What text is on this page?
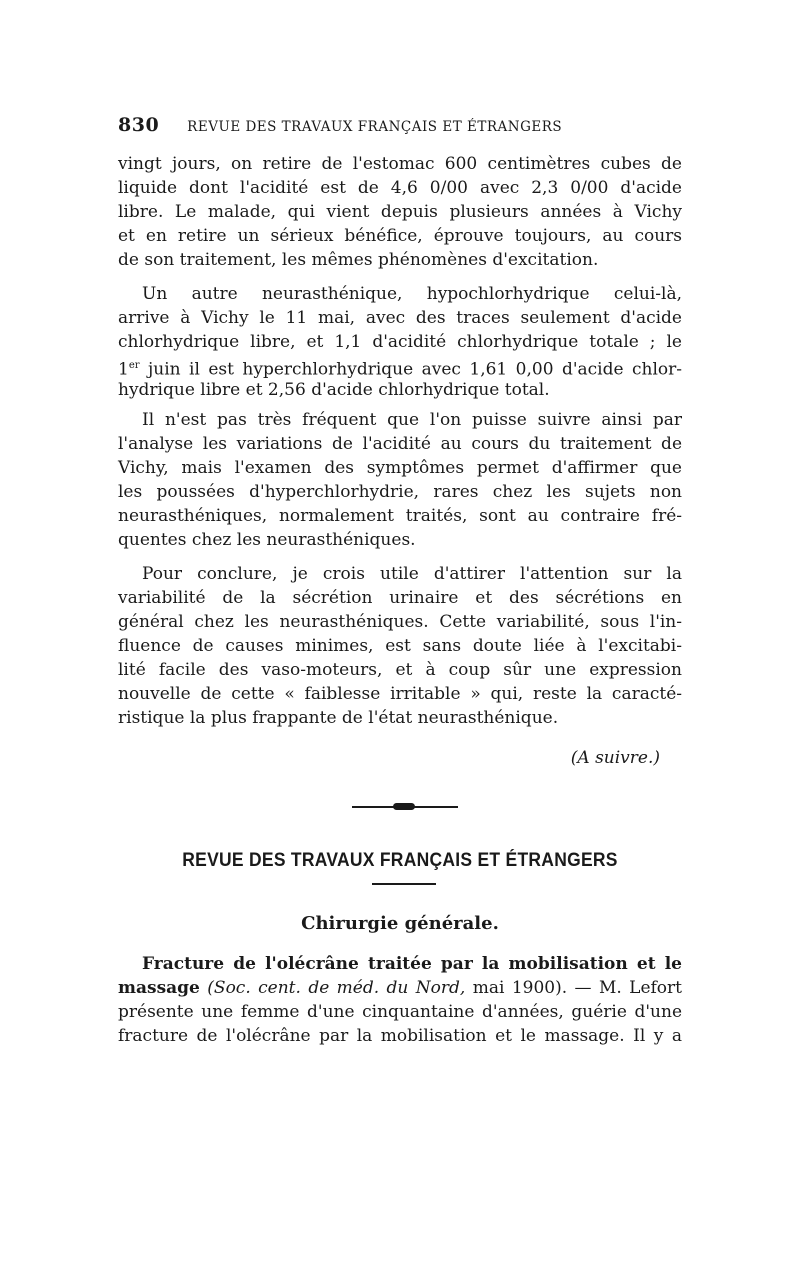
830 REVUE DES TRAVAUX FRANÇAIS ET ÉTRANGERS
vingt jours, on retire de l'estomac 600 centimètres cubes de
liquide dont l'acidité est de 4,6 0/00 avec 2,3 0/00 d'acide
libre. Le malade, qui vient depuis plusieurs années à Vichy
et en retire un sérieux bénéfice, éprouve toujours, au cours
de son traitement, les mêmes phénomènes d'excitation.
Un autre neurasthénique, hypochlorhydrique celui-là,
arrive à Vichy le 11 mai, avec des traces seulement d'acide
chlorhydrique libre, et 1,1 d'acidité chlorhydrique totale ; le
1er juin il est hyperchlorhydrique avec 1,61 0,00 d'acide chlor-
hydrique libre et 2,56 d'acide chlorhydrique total.
Il n'est pas très fréquent que l'on puisse suivre ainsi par
l'analyse les variations de l'acidité au cours du traitement de
Vichy, mais l'examen des symptômes permet d'affirmer que
les poussées d'hyperchlorhydrie, rares chez les sujets non
neurasthéniques, normalement traités, sont au contraire fré-
quentes chez les neurasthéniques.
Pour conclure, je crois utile d'attirer l'attention sur la
variabilité de la sécrétion urinaire et des sécrétions en
général chez les neurasthéniques. Cette variabilité, sous l'in-
fluence de causes minimes, est sans doute liée à l'excitabi-
lité facile des vaso-moteurs, et à coup sûr une expression
nouvelle de cette « faiblesse irritable » qui, reste la caracté-
ristique la plus frappante de l'état neurasthénique.
(A suivre.)
REVUE DES TRAVAUX FRANÇAIS ET ÉTRANGERS
Chirurgie générale.
Fracture de l'olécrâne traitée par la mobilisation et le
massage (Soc. cent. de méd. du Nord, mai 1900). — M. Lefort
présente une femme d'une cinquantaine d'années, guérie d'une
fracture de l'olécrâne par la mobilisation et le massage. Il y a
